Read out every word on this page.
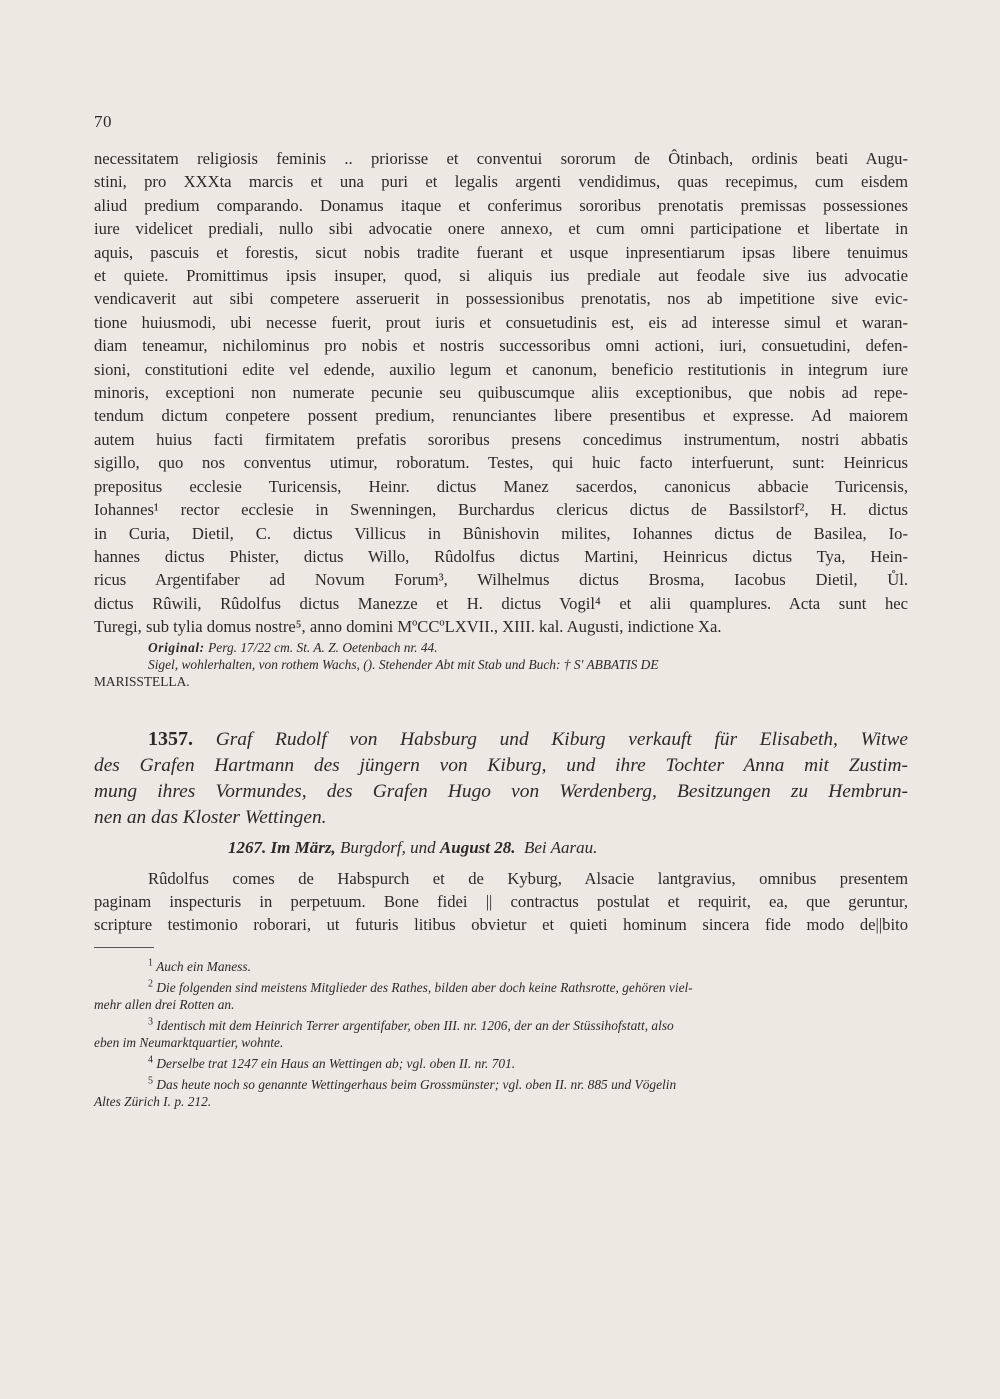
70
necessitatem religiosis feminis .. priorisse et conventui sororum de Ôtinbach, ordinis beati Augu-
stini, pro XXXta marcis et una puri et legalis argenti vendidimus, quas recepimus, cum eisdem
aliud predium comparando. Donamus itaque et conferimus sororibus prenotatis premissas possessiones
iure videlicet prediali, nullo sibi advocatie onere annexo, et cum omni participatione et libertate in
aquis, pascuis et forestis, sicut nobis tradite fuerant et usque inpresentiarum ipsas libere tenuimus
et quiete. Promittimus ipsis insuper, quod, si aliquis ius prediale aut feodale sive ius advocatie
vendicaverit aut sibi competere asseruerit in possessionibus prenotatis, nos ab impetitione sive evic-
tione huiusmodi, ubi necesse fuerit, prout iuris et consuetudinis est, eis ad interesse simul et waran-
diam teneamur, nichilominus pro nobis et nostris successoribus omni actioni, iuri, consuetudini, defen-
sioni, constitutioni edite vel edende, auxilio legum et canonum, beneficio restitutionis in integrum iure
minoris, exceptioni non numerate pecunie seu quibuscumque aliis exceptionibus, que nobis ad repe-
tendum dictum conpetere possent predium, renunciantes libere presentibus et expresse. Ad maiorem
autem huius facti firmitatem prefatis sororibus presens concedimus instrumentum, nostri abbatis
sigillo, quo nos conventus utimur, roboratum. Testes, qui huic facto interfuerunt, sunt: Heinricus
prepositus ecclesie Turicensis, Heinr. dictus Manez sacerdos, canonicus abbacie Turicensis,
Iohannes¹ rector ecclesie in Swenningen, Burchardus clericus dictus de Bassilstorf², H. dictus
in Curia, Dietil, C. dictus Villicus in Bûnishovin milites, Iohannes dictus de Basilea, Io-
hannes dictus Phister, dictus Willo, Rûdolfus dictus Martini, Heinricus dictus Tya, Hein-
ricus Argentifaber ad Novum Forum³, Wilhelmus dictus Brosma, Iacobus Dietil, Ůl.
dictus Rûwili, Rûdolfus dictus Manezze et H. dictus Vogil⁴ et alii quamplures. Acta sunt hec
Turegi, sub tylia domus nostre⁵, anno domini MºCCºLXVII., XIII. kal. Augusti, indictione Xa.
Original: Perg. 17/22 cm. St. A. Z. Oetenbach nr. 44.
Sigel, wohlerhalten, von rothem Wachs, (). Stehender Abt mit Stab und Buch: † S' ABBATIS DE
MARISSTELLA.
1357. Graf Rudolf von Habsburg und Kiburg verkauft für Elisabeth, Witwe
des Grafen Hartmann des jüngern von Kiburg, und ihre Tochter Anna mit Zustim-
mung ihres Vormundes, des Grafen Hugo von Werdenberg, Besitzungen zu Hembrun-
nen an das Kloster Wettingen.
1267. Im März, Burgdorf, und August 28. Bei Aarau.
Rûdolfus comes de Habspurch et de Kyburg, Alsacie lantgravius, omnibus presentem
paginam inspecturis in perpetuum. Bone fidei || contractus postulat et requirit, ea, que geruntur,
scripture testimonio roborari, ut futuris litibus obvietur et quieti hominum sincera fide modo de||bito
$^1$ Auch ein Maness.
$^2$ Die folgenden sind meistens Mitglieder des Rathes, bilden aber doch keine Rathsrotte, gehören viel-
mehr allen drei Rotten an.
$^3$ Identisch mit dem Heinrich Terrer argentifaber, oben III. nr. 1206, der an der Stüssihofstatt, also
eben im Neumarktquartier, wohnte.
$^4$ Derselbe trat 1247 ein Haus an Wettingen ab; vgl. oben II. nr. 701.
$^5$ Das heute noch so genannte Wettingerhaus beim Grossmünster; vgl. oben II. nr. 885 und Vögelin
Altes Zürich I. p. 212.
